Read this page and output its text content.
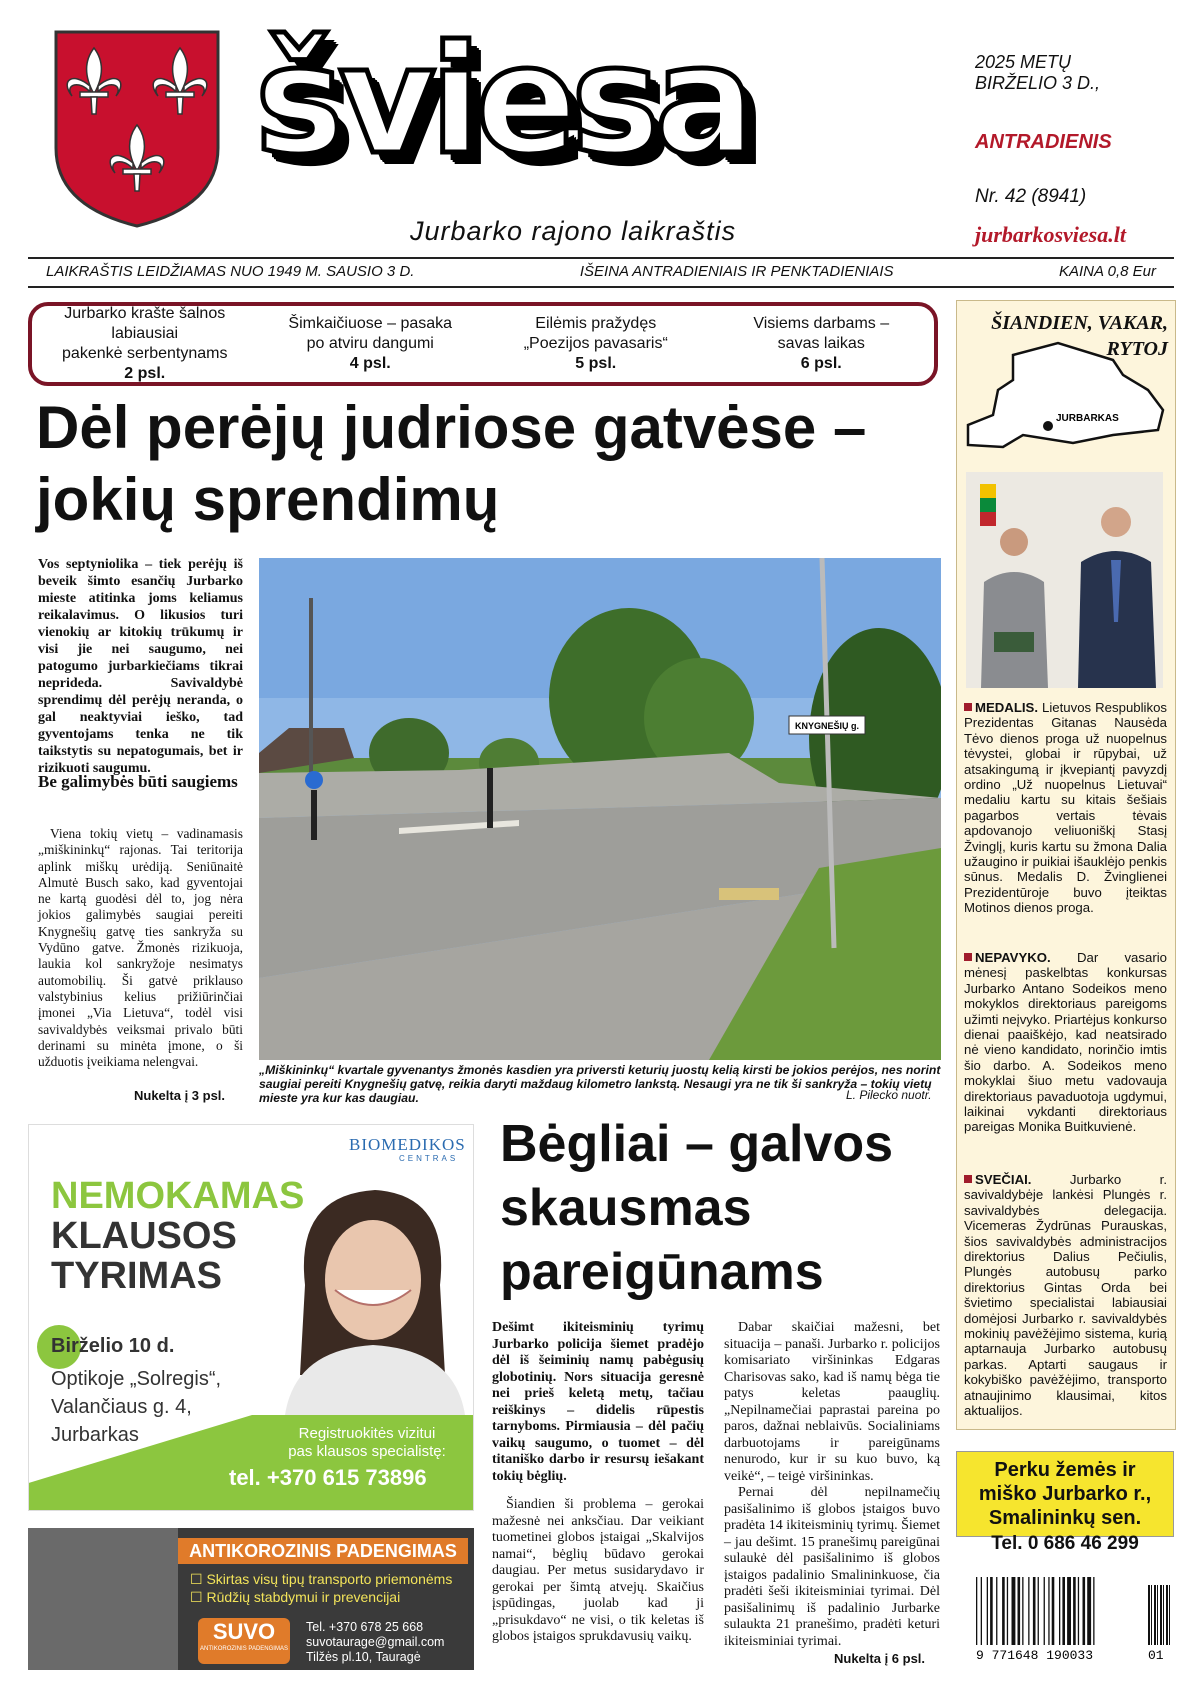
šviesa
Jurbarko rajono laikraštis
2025 METŲ
BIRŽELIO 3 D.,
ANTRADIENIS
Nr. 42 (8941)
jurbarkosviesa.lt
LAIKRAŠTIS LEIDŽIAMAS NUO 1949 M. SAUSIO 3 D.	IŠEINA ANTRADIENIAIS IR PENKTADIENIAIS	KAINA 0,8 Eur
Jurbarko krašte šalnos labiausiai
pakenkė serbentynams
2 psl.
Šimkaičiuose – pasaka
po atviru dangumi
4 psl.
Eilėmis pražydęs
„Poezijos pavasaris“
5 psl.
Visiems darbams –
savas laikas
6 psl.
Dėl perėjų judriose gatvėse – jokių sprendimų
Vos septyniolika – tiek perėjų iš beveik šimto esančių Jurbarko mieste atitinka joms keliamus reikalavimus. O likusios turi vienokių ar kitokių trūkumų ir visi jie nei saugumo, nei patogumo jurbarkiečiams tikrai neprideda. Savivaldybė sprendimų dėl perėjų neranda, o gal neaktyviai ieško, tad gyventojams tenka ne tik taikstytis su nepatogumais, bet ir rizikuoti saugumu.
Be galimybės būti saugiems
Viena tokių vietų – vadinamasis „miškininkų“ rajonas. Tai teritorija aplink miškų urėdiją. Seniūnaitė Almutė Busch sako, kad gyventojai ne kartą guodėsi dėl to, jog nėra jokios galimybės saugiai pereiti Knygnešių gatvę ties sankryža su Vydūno gatve. Žmonės rizikuoja, laukia kol sankryžoje nesimatys automobilių. Ši gatvė priklauso valstybinius kelius prižiūrinčiai įmonei „Via Lietuva“, todėl visi savivaldybės veiksmai privalo būti derinami su minėta įmone, o ši užduotis įveikiama nelengvai.
Nukelta į 3 psl.
KNYGNEŠIŲ g.
„Miškininkų“ kvartale gyvenantys žmonės kasdien yra priversti keturių juostų kelią kirsti be jokios perėjos, nes norint saugiai pereiti Knygnešių gatvę, reikia daryti maždaug kilometro lankstą. Nesaugi yra ne tik ši sankryža – tokių vietų mieste yra kur kas daugiau.	L. Pilecko nuotr.
ŠIANDIEN, VAKAR,
RYTOJ
JURBARKAS
MEDALIS. Lietuvos Respublikos Prezidentas Gitanas Nausėda Tėvo dienos proga už nuopelnus tėvystei, globai ir rūpybai, už atsakingumą ir įkvepiantį pavyzdį ordino „Už nuopelnus Lietuvai“ medaliu kartu su kitais šešiais pagarbos vertais tėvais apdovanojo veliuoniškį Stasį Žvinglį, kuris kartu su žmona Dalia užaugino ir puikiai išauklėjo penkis sūnus. Medalis D. Žvinglienei Prezidentūroje buvo įteiktas Motinos dienos proga.
NEPAVYKO. Dar vasario mėnesį paskelbtas konkursas Jurbarko Antano Sodeikos meno mokyklos direktoriaus pareigoms užimti neįvyko. Priartėjus konkurso dienai paaiškėjo, kad neatsirado nė vieno kandidato, norinčio imtis šio darbo. A. Sodeikos meno mokyklai šiuo metu vadovauja direktoriaus pavaduotoja ugdymui, laikinai vykdanti direktoriaus pareigas Monika Buitkuvienė.
SVEČIAI.	Jurbarko r. savivaldybėje lankėsi Plungės r. savivaldybės delegacija. Vicemeras Žydrūnas Purauskas, šios savivaldybės administracijos direktorius Dalius Pečiulis, Plungės autobusų parko direktorius Gintas Orda bei švietimo specialistai labiausiai domėjosi Jurbarko r. savivaldybės mokinių pavėžėjimo sistema, kurią aptarnauja Jurbarko autobusų parkas. Aptarti saugaus ir kokybiško pavėžėjimo, transporto atnaujinimo klausimai, kitos aktualijos.
Perku žemės ir
miško Jurbarko r.,
Smalininkų sen.
Tel. 0 686 46 299
9 771648 190033	01
BIOMEDIKOS
CENTRAS
NEMOKAMAS
KLAUSOS
TYRIMAS
Birželio 10 d.
Optikoje „Solregis“,
Valančiaus g. 4,
Jurbarkas	Registruokitės vizitui
pas klausos specialistę:
tel. +370 615 73896
ANTIKOROZINIS PADENGIMAS
☐ Skirtas visų tipų transporto priemonėms
☐ Rūdžių stabdymui ir prevencijai
SUVO
ANTIKOROZINIS PADENGIMAS
Tel. +370 678 25 668
suvotaurage@gmail.com
Tilžės pl.10, Tauragė
Bėgliai – galvos skausmas pareigūnams
Dešimt ikiteisminių tyrimų Jurbarko policija šiemet pradėjo dėl iš šeiminių namų pabėgusių globotinių. Nors situacija geresnė nei prieš keletą metų, tačiau reiškinys – didelis rūpestis tarnyboms. Pirmiausia – dėl pačių vaikų saugumo, o tuomet – dėl titaniško darbo ir resursų iešakant tokių bėglių.
Šiandien ši problema – gerokai mažesnė nei anksčiau. Dar veikiant tuometinei globos įstaigai „Skalvijos namai“, bėglių būdavo gerokai daugiau. Per metus susidarydavo ir gerokai per šimtą atvejų. Skaičius įspūdingas, juolab kad ji „prisukdavo“ ne visi, o tik keletas iš globos įstaigos sprukdavusių vaikų.
Dabar skaičiai mažesni, bet situacija – panaši. Jurbarko r. policijos komisariato viršininkas Edgaras Charisovas sako, kad iš namų bėga tie patys keletas paauglių. „Nepilnamečiai paprastai pareina po paros, dažnai neblaivūs. Socialiniams darbuotojams ir pareigūnams nenurodo, kur ir su kuo buvo, ką veikė“, – teigė viršininkas.
Pernai dėl nepilnamečių pasišalinimo iš globos įstaigos buvo pradėta 14 ikiteisminių tyrimų. Šiemet – jau dešimt. 15 pranešimų pareigūnai sulaukė dėl pasišalinimo iš globos įstaigos padalinio Smalininkuose, čia pradėti šeši ikiteisminiai tyrimai. Dėl pasišalinimų iš padalinio Jurbarke sulaukta 21 pranešimo, pradėti keturi ikiteisminiai tyrimai.
Nukelta į 6 psl.
